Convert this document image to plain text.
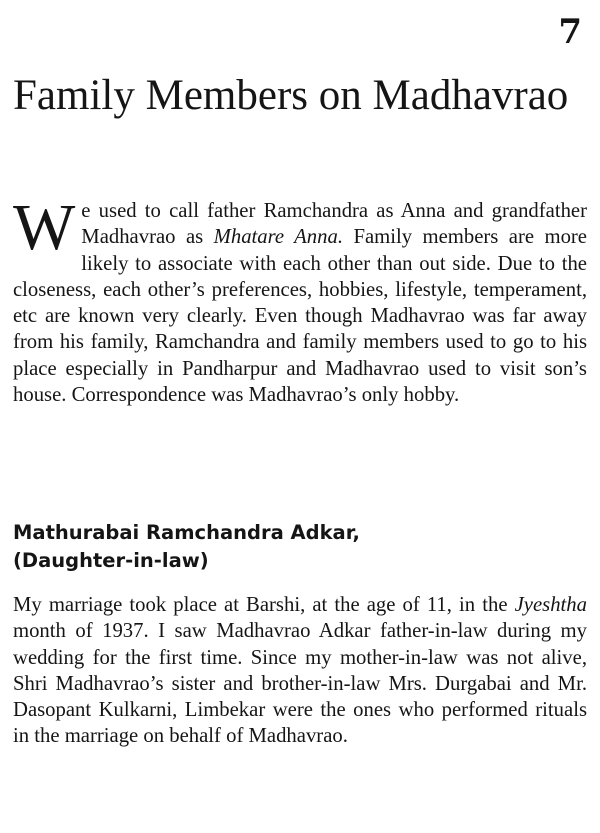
7
Family Members on Madhavrao

We used to call father Ramchandra as Anna and grandfather Madhavrao as Mhatare Anna. Family members are more likely to associate with each other than out side. Due to the closeness, each other’s preferences, hobbies, lifestyle, temperament, etc are known very clearly. Even though Madhavrao was far away from his family, Ramchandra and family members used to go to his place especially in Pandharpur and Madhavrao used to visit son’s house. Correspondence was Madhavrao’s only hobby.

Mathurabai Ramchandra Adkar,
(Daughter-in-law)

My marriage took place at Barshi, at the age of 11, in the Jyeshtha month of 1937. I saw Madhavrao Adkar father-in-law during my wedding for the first time. Since my mother-in-law was not alive, Shri Madhavrao’s sister and brother-in-law Mrs. Durgabai and Mr. Dasopant Kulkarni, Limbekar were the ones who performed rituals in the marriage on behalf of Madhavrao.
